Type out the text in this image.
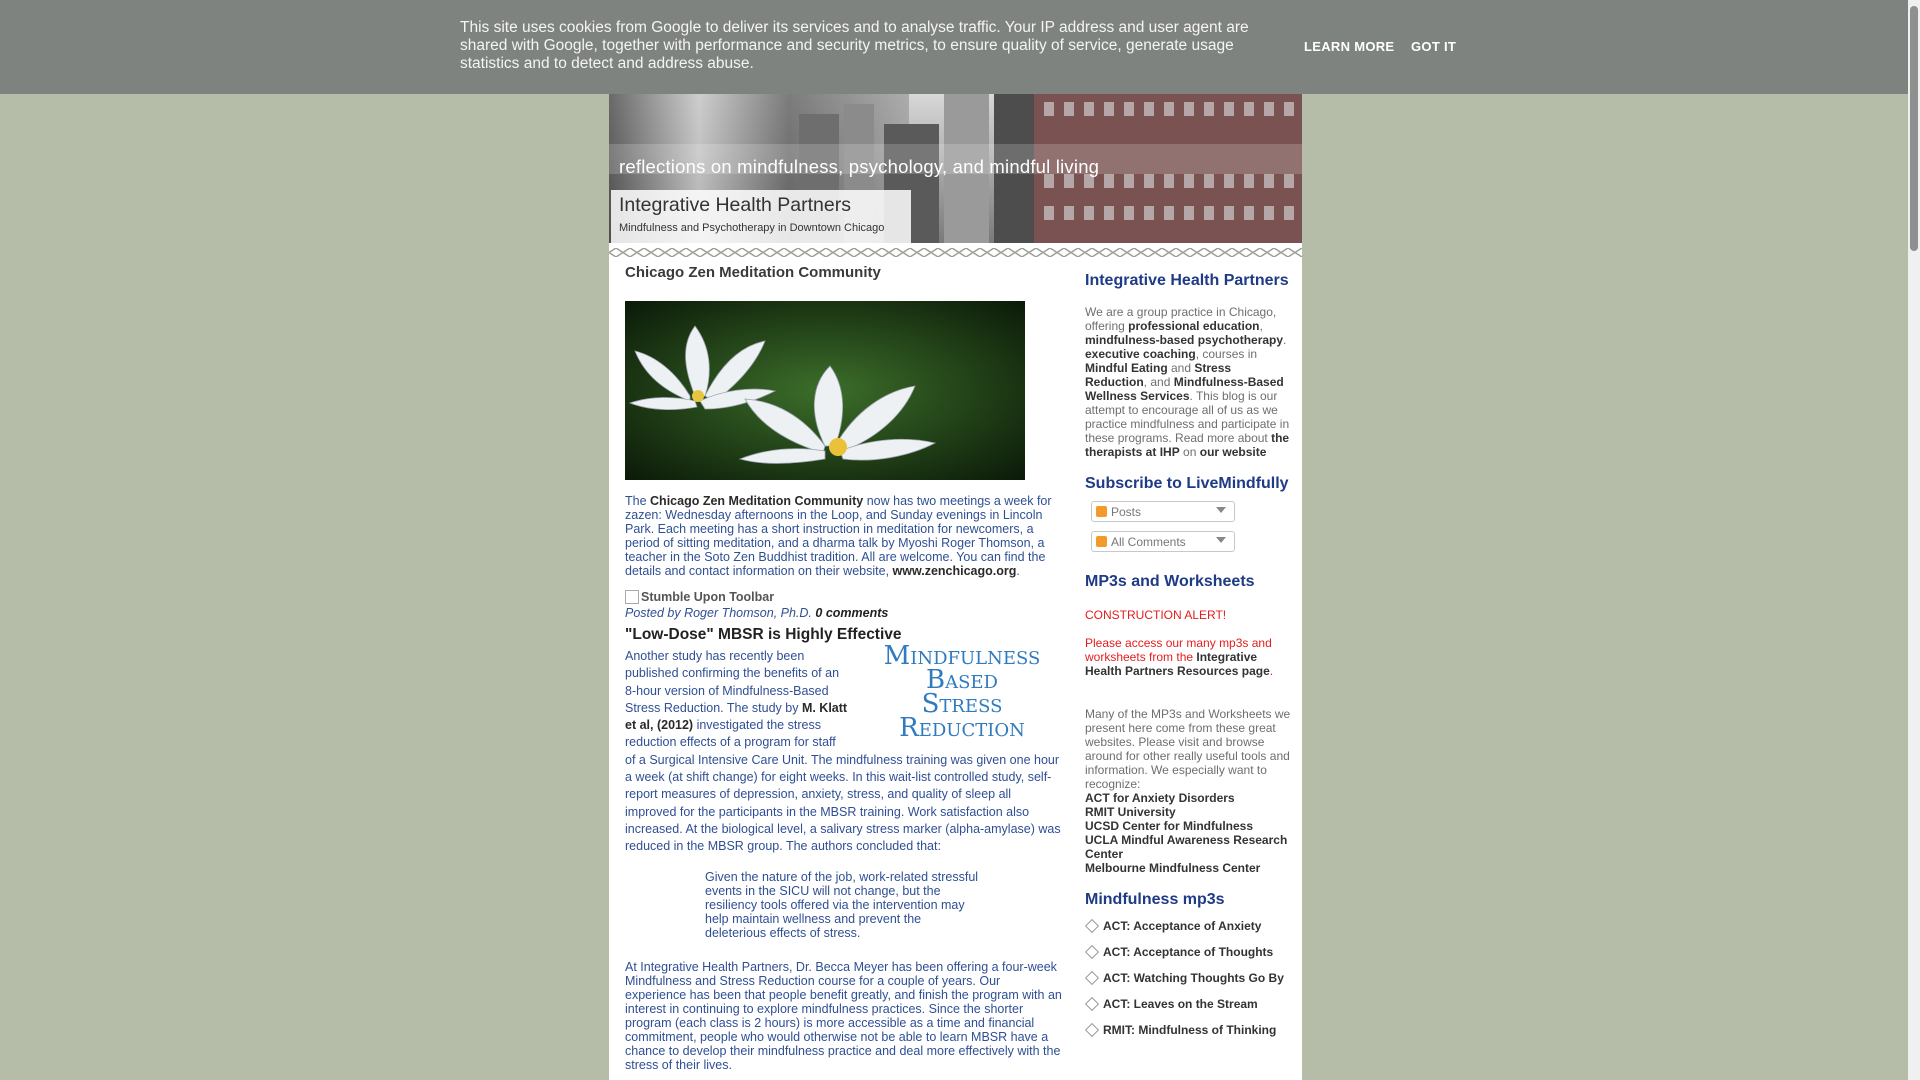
This site uses cookies from Google to deliver its services and to analyse traffic. Your IP address and user agent are shared with Google, together with performance and security metrics, to ensure quality of service, generate usage statistics and to detect and address abuse.
LEARN MORE GOT IT
reflections on mindfulness, psychology, and mindful living
Integrative Health Partners
Mindfulness and Psychotherapy in Downtown Chicago
Chicago Zen Meditation Community
The Chicago Zen Meditation Community now has two meetings a week for zazen: Wednesday afternoons in the Loop, and Sunday evenings in Lincoln Park. Each meeting has a short instruction in meditation for newcomers, a period of sitting meditation, and a dharma talk by Myoshi Roger Thomson, a teacher in the Soto Zen Buddhist tradition. All are welcome. You can find the details and contact information on their website, www.zenchicago.org.
Stumble Upon Toolbar
Posted by Roger Thomson, Ph.D. 0 comments
"Low-Dose" MBSR is Highly Effective
Mindfulness
Based
Stress
Reduction
Another study has recently been published confirming the benefits of an 8-hour version of Mindfulness-Based Stress Reduction. The study by M. Klatt et al, (2012) investigated the stress reduction effects of a program for staff of a Surgical Intensive Care Unit. The mindfulness training was given one hour a week (at shift change) for eight weeks. In this wait-list controlled study, self-report measures of depression, anxiety, stress, and quality of sleep all improved for the participants in the MBSR training. Work satisfaction also increased. At the biological level, a salivary stress marker (alpha-amylase) was reduced in the MBSR group. The authors concluded that:
Given the nature of the job, work-related stressful events in the SICU will not change, but the resiliency tools offered via the intervention may help maintain wellness and prevent the deleterious effects of stress.
At Integrative Health Partners, Dr. Becca Meyer has been offering a four-week Mindfulness and Stress Reduction course for a couple of years. Our experience has been that people benefit greatly, and finish the program with an interest in continuing to explore mindfulness practices. Since the shorter program (each class is 2 hours) is more accessible as a time and financial commitment, people who would otherwise not be able to learn MBSR have a chance to develop their mindfulness practice and deal more effectively with the stress of their lives.
Integrative Health Partners
We are a group practice in Chicago, offering professional education, mindfulness-based psychotherapy. executive coaching, courses in Mindful Eating and Stress Reduction, and Mindfulness-Based Wellness Services. This blog is our attempt to encourage all of us as we practice mindfulness and participate in these programs. Read more about the therapists at IHP on our website
Subscribe to LiveMindfully
Posts
All Comments
MP3s and Worksheets
CONSTRUCTION ALERT!
Please access our many mp3s and worksheets from the Integrative Health Partners Resources page.
Many of the MP3s and Worksheets we present here come from these great websites. Please visit and browse around for other really useful tools and information. We especially want to recognize:
ACT for Anxiety Disorders
RMIT University
UCSD Center for Mindfulness
UCLA Mindful Awareness Research Center
Melbourne Mindfulness Center
Mindfulness mp3s
ACT: Acceptance of Anxiety
ACT: Acceptance of Thoughts
ACT: Watching Thoughts Go By
ACT: Leaves on the Stream
RMIT: Mindfulness of Thinking
